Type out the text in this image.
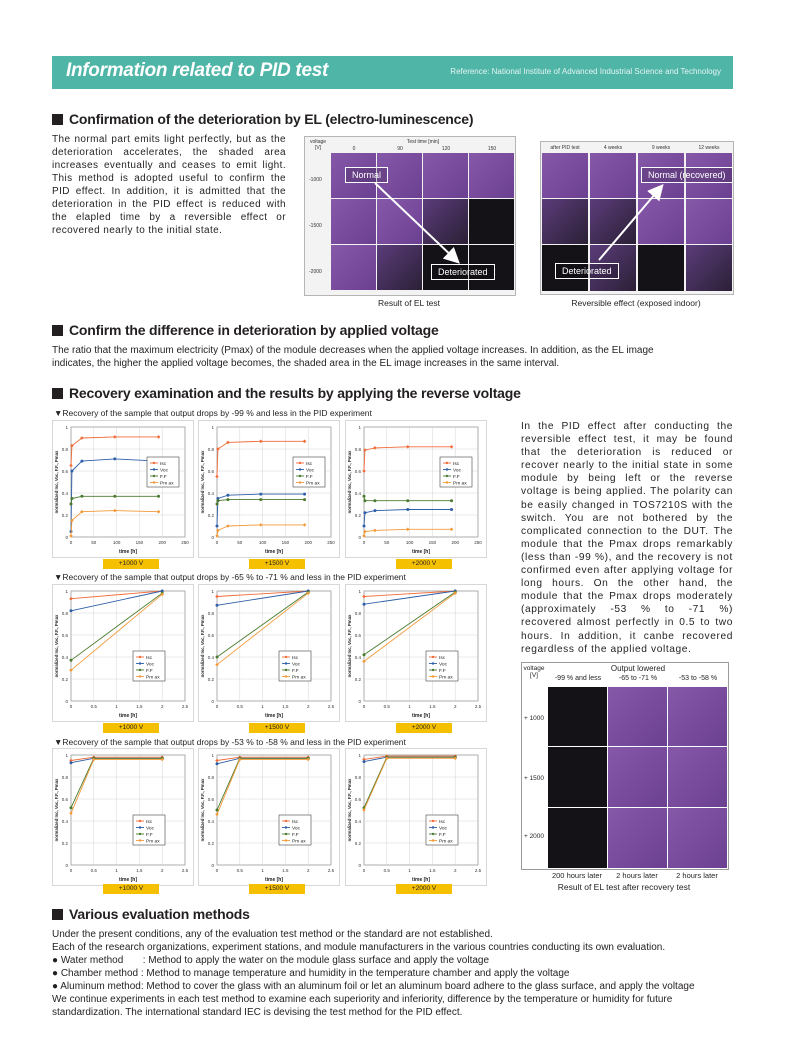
Information related to PID test	Reference: National Institute of Advanced Industrial Science and Technology
Confirmation of the deterioration by EL (electro-luminescence)
The normal part emits light perfectly, but as the deterioration accelerates, the shaded area increases eventually and ceases to emit light. This method is adopted useful to confirm the PID effect. In addition, it is admitted that the deterioration in the PID effect is reduced with the elapled time by a reversible effect or recovered nearly to the initial state.
voltage [V]
Test time [min]
0	90	120	150
-1000
-1500
-2000
Normal
Deteriorated
Result of EL test
after PID test	4 weeks	9 weeks	12 weeks
Normal (recovered)
Deteriorated
Reversible effect (exposed indoor)
Confirm the difference in deterioration by applied voltage
The ratio that the maximum electricity (Pmax) of the module decreases when the applied voltage increases. In addition, as the EL image
indicates, the higher the applied voltage becomes, the shaded area in the EL image increases in the same interval.
Recovery examination and the results by applying the reverse voltage
▼Recovery of the sample that output drops by -99 % and less in the PID experiment
▼Recovery of the sample that output drops by -65 % to -71 % and less in the PID experiment
▼Recovery of the sample that output drops by -53 % to -58 % and less in the PID experiment
0
0.2
0.4
0.6
0.8
1
0	50	100	150	200	250
time [h]
normalized Isc, Voc, F.F., Pmax	Isc
Voc
F.F
Pm ax
0
0.2
0.4
0.6
0.8
1
0	50	100	150	200	250
time [h]
normalized Isc, Voc, F.F., Pmax	Isc
Voc
F.F
Pm ax
0
0.2
0.4
0.6
0.8
1
0	50	100	150	200	250
time [h]
normalized Isc, Voc, F.F., Pmax	Isc
Voc
F.F
Pm ax
0
0.2
0.4
0.6
0.8
1
0	0.5	1	1.5	2	2.5
time [h]
normalized Isc, Voc, F.F., Pmax	Isc
Voc
F.F
Pm ax
0
0.2
0.4
0.6
0.8
1
0	0.5	1	1.5	2	2.5
time [h]
normalized Isc, Voc, F.F., Pmax	Isc
Voc
F.F
Pm ax
0
0.2
0.4
0.6
0.8
1
0	0.5	1	1.5	2	2.5
time [h]
normalized Isc, Voc, F.F., Pmax	Isc
Voc
F.F
Pm ax
0
0.2
0.4
0.6
0.8
1
0	0.5	1	1.5	2	2.5
time [h]
normalized Isc, Voc, F.F., Pmax	Isc
Voc
F.F
Pm ax
0
0.2
0.4
0.6
0.8
1
0	0.5	1	1.5	2	2.5
time [h]
normalized Isc, Voc, F.F., Pmax	Isc
Voc
F.F
Pm ax
0
0.2
0.4
0.6
0.8
1
0	0.5	1	1.5	2	2.5
time [h]
normalized Isc, Voc, F.F., Pmax	Isc
Voc
F.F
Pm ax
+1000 V	+1500 V	+2000 V
+1000 V	+1500 V	+2000 V
+1000 V	+1500 V	+2000 V
In the PID effect after conducting the reversible effect test, it may be found that the deterioration is reduced or recover nearly to the initial state in some module by being left or the reverse voltage is being applied. The polarity can be easily changed in TOS7210S with the switch. You are not bothered by the complicated connection to the DUT. The module that the Pmax drops remarkably (less than -99 %), and the recovery is not confirmed even after applying voltage for long hours. On the other hand, the module that the Pmax drops moderately (approximately -53 % to -71 %) recovered almost perfectly in 0.5 to two hours. In addition, it canbe recovered regardless of the applied voltage.
voltage [V]
Output lowered
-99 % and less	-65 to -71 %	-53 to -58 %
+ 1000
+ 1500
+ 2000
200 hours later	2 hours later	2 hours later
Result of EL test after recovery test
Various evaluation methods
Under the present conditions, any of the evaluation test method or the standard are not established.
Each of the research organizations, experiment stations, and module manufacturers in the various countries conducting its own evaluation.
● Water method       : Method to apply the water on the module glass surface and apply the voltage
● Chamber method : Method to manage temperature and humidity in the temperature chamber and apply the voltage
● Aluminum method: Method to cover the glass with an aluminum foil or let an aluminum board adhere to the glass surface, and apply the voltage
We continue experiments in each test method to examine each superiority and inferiority, difference by the temperature or humidity for future
standardization. The international standard IEC is devising the test method for the PID effect.
